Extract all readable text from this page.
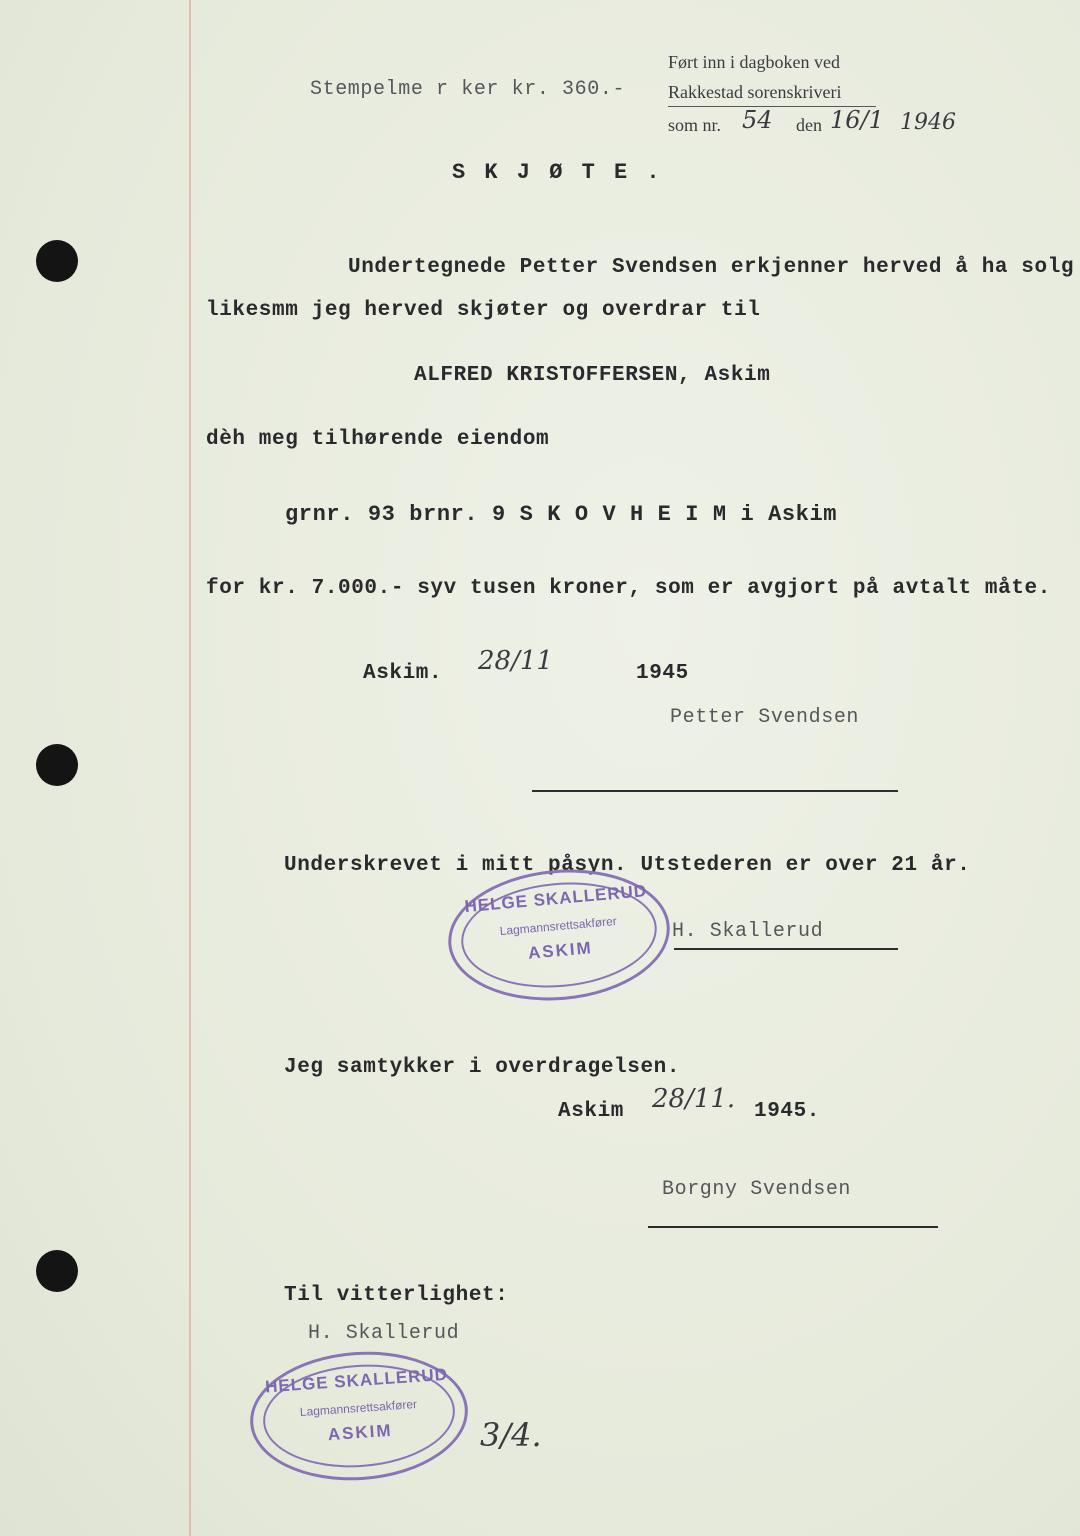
Ført inn i dagboken ved
Rakkestad sorenskriveri
som nr. 54 den 16/1 1946
Stempelme r ker kr. 360.-
S K J Ø T E .
Undertegnede Petter Svendsen erkjenner herved å ha solg
likesmm jeg herved skjøter og overdrar til
ALFRED KRISTOFFERSEN, Askim
dèh meg tilhørende eiendom
grnr. 93 brnr. 9 S K O V H E I M i Askim
for kr. 7.000.- syv tusen kroner, som er avgjort på avtalt måte.
Askim. 28/11	1945
Petter Svendsen
Underskrevet i mitt påsyn. Utstederen er over 21 år.
HELGE SKALLERUD
Lagmannsrettsakfører
ASKIM
H. Skallerud
Jeg samtykker i overdragelsen.
Askim 28/11. 1945.
Borgny Svendsen
Til vitterlighet:
H. Skallerud
HELGE SKALLERUD
Lagmannsrettsakfører
ASKIM	3/4.
